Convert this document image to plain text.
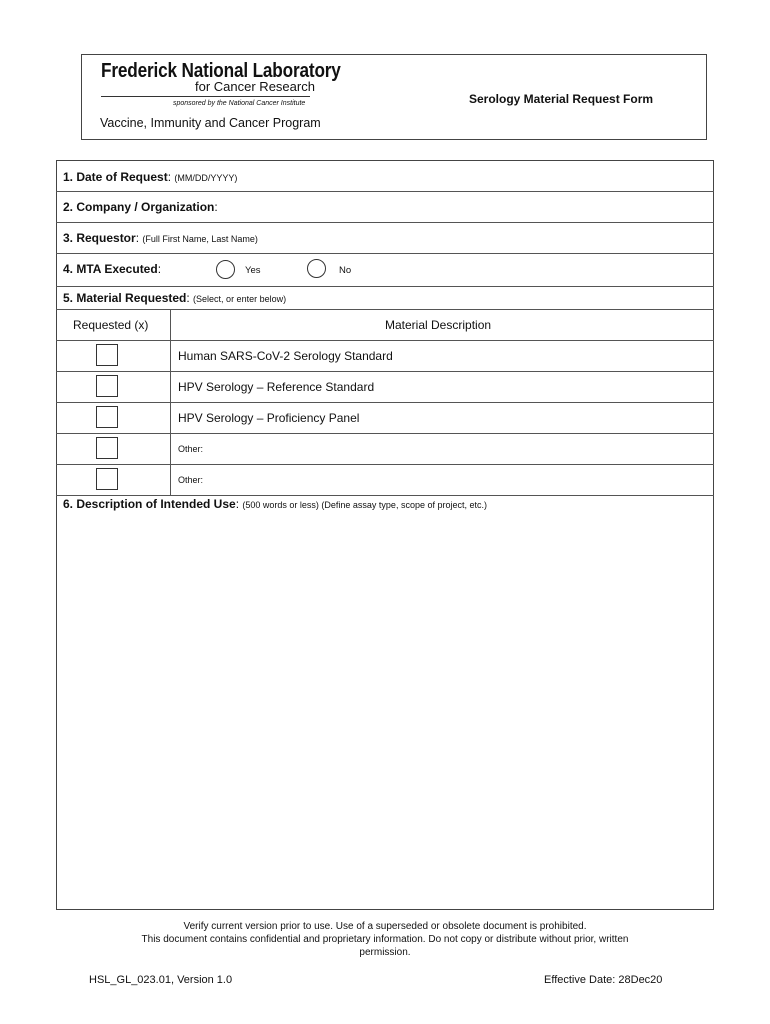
Frederick National Laboratory
for Cancer Research
sponsored by the National Cancer Institute
Vaccine, Immunity and Cancer Program
Serology Material Request Form
1. Date of Request: (MM/DD/YYYY)
2. Company / Organization:
3. Requestor: (Full First Name, Last Name)
4. MTA Executed:	Yes	No
5. Material Requested: (Select, or enter below)
Requested (x)	Material Description
Human SARS-CoV-2 Serology Standard
HPV Serology – Reference Standard
HPV Serology – Proficiency Panel
Other:
Other:
6. Description of Intended Use: (500 words or less) (Define assay type, scope of project, etc.)
Verify current version prior to use. Use of a superseded or obsolete document is prohibited.
This document contains confidential and proprietary information. Do not copy or distribute without prior, written
permission.
HSL_GL_023.01, Version 1.0	Effective Date: 28Dec20
